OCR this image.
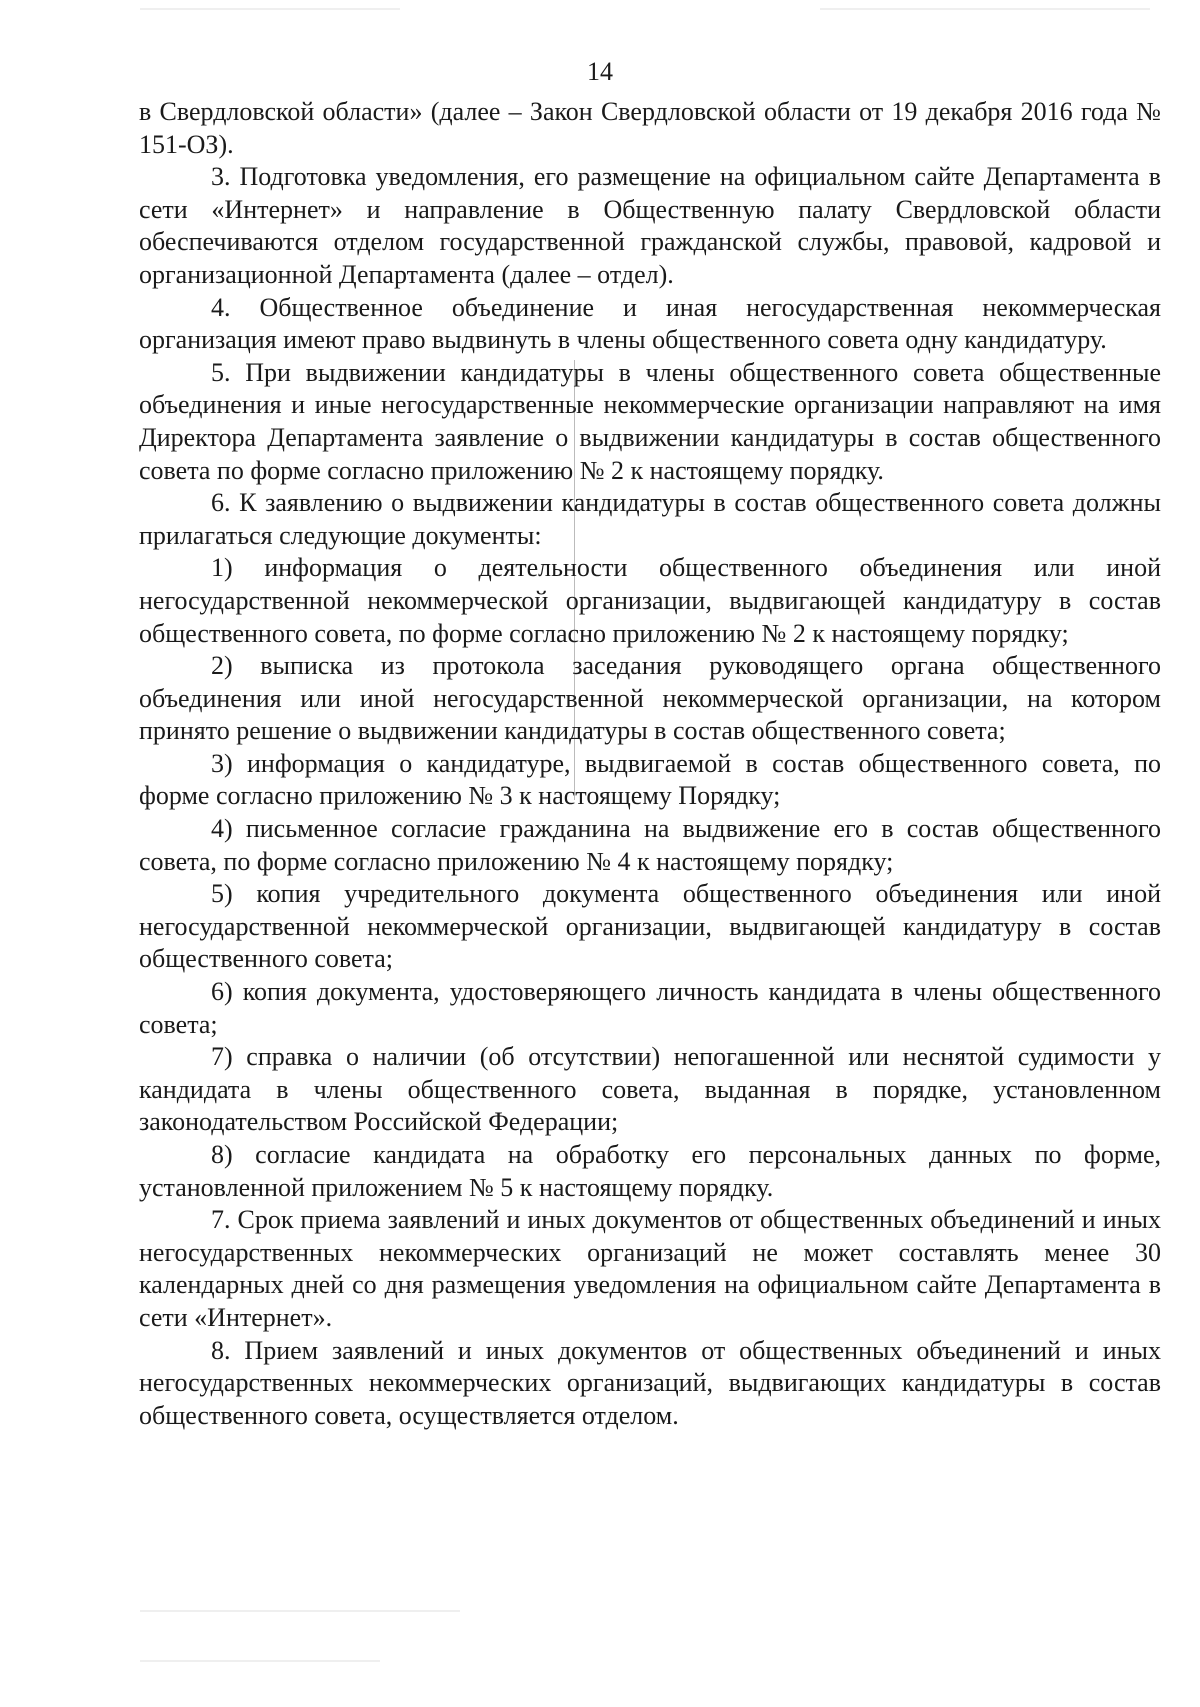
14

в Свердловской области» (далее – Закон Свердловской области от 19 декабря 2016 года № 151-ОЗ).

3. Подготовка уведомления, его размещение на официальном сайте Департамента в сети «Интернет» и направление в Общественную палату Свердловской области обеспечиваются отделом государственной гражданской службы, правовой, кадровой и организационной Департамента (далее – отдел).

4. Общественное объединение и иная негосударственная некоммерческая организация имеют право выдвинуть в члены общественного совета одну кандидатуру.

5. При выдвижении кандидатуры в члены общественного совета общественные объединения и иные негосударственные некоммерческие организации направляют на имя Директора Департамента заявление о выдвижении кандидатуры в состав общественного совета по форме согласно приложению № 2 к настоящему порядку.

6. К заявлению о выдвижении кандидатуры в состав общественного совета должны прилагаться следующие документы:

1) информация о деятельности общественного объединения или иной негосударственной некоммерческой организации, выдвигающей кандидатуру в состав общественного совета, по форме согласно приложению № 2 к настоящему порядку;

2) выписка из протокола заседания руководящего органа общественного объединения или иной негосударственной некоммерческой организации, на котором принято решение о выдвижении кандидатуры в состав общественного совета;

3) информация о кандидатуре, выдвигаемой в состав общественного совета, по форме согласно приложению № 3 к настоящему Порядку;

4) письменное согласие гражданина на выдвижение его в состав общественного совета, по форме согласно приложению № 4 к настоящему порядку;

5) копия учредительного документа общественного объединения или иной негосударственной некоммерческой организации, выдвигающей кандидатуру в состав общественного совета;

6) копия документа, удостоверяющего личность кандидата в члены общественного совета;

7) справка о наличии (об отсутствии) непогашенной или неснятой судимости у кандидата в члены общественного совета, выданная в порядке, установленном законодательством Российской Федерации;

8) согласие кандидата на обработку его персональных данных по форме, установленной приложением № 5 к настоящему порядку.

7. Срок приема заявлений и иных документов от общественных объединений и иных негосударственных некоммерческих организаций не может составлять менее 30 календарных дней со дня размещения уведомления на официальном сайте Департамента в сети «Интернет».

8. Прием заявлений и иных документов от общественных объединений и иных негосударственных некоммерческих организаций, выдвигающих кандидатуры в состав общественного совета, осуществляется отделом.
